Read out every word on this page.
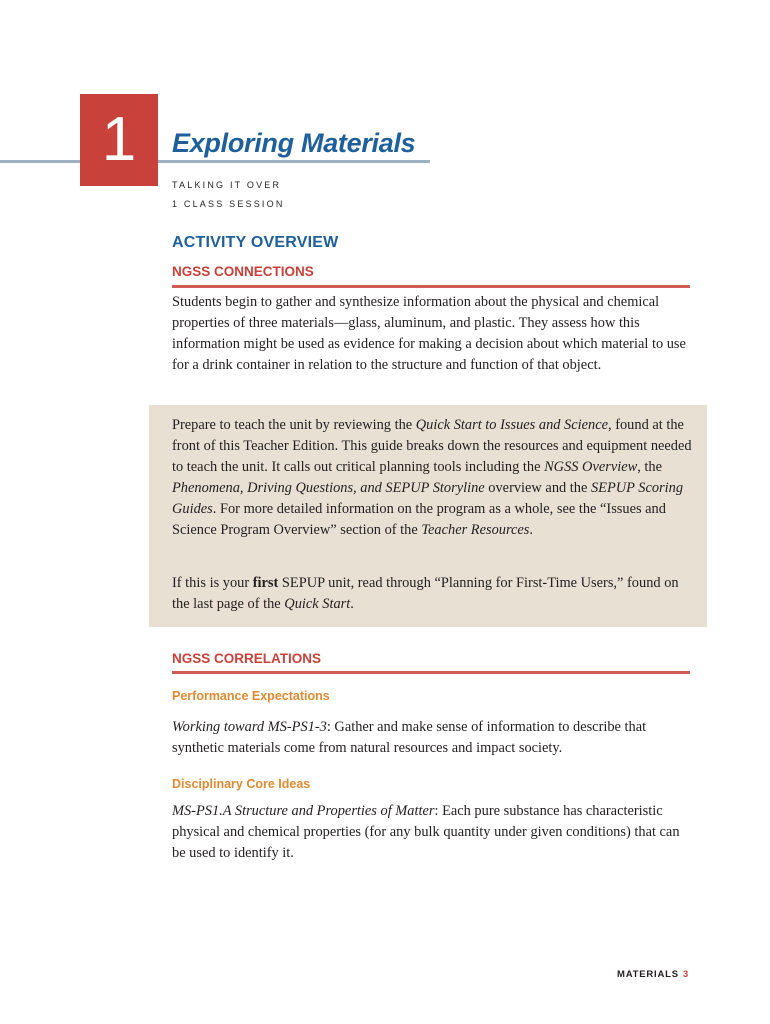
1	Exploring Materials
TALKING IT OVER
1 CLASS SESSION
ACTIVITY OVERVIEW
NGSS CONNECTIONS

Students begin to gather and synthesize information about the physical and chemical properties of three materials—glass, aluminum, and plastic. They assess how this information might be used as evidence for making a decision about which material to use for a drink container in relation to the structure and function of that object.

Prepare to teach the unit by reviewing the Quick Start to Issues and Science, found at the front of this Teacher Edition. This guide breaks down the resources and equipment needed to teach the unit. It calls out critical planning tools including the NGSS Overview, the Phenomena, Driving Questions, and SEPUP Storyline overview and the SEPUP Scoring Guides. For more detailed information on the program as a whole, see the “Issues and Science Program Overview” section of the Teacher Resources.

If this is your first SEPUP unit, read through “Planning for First-Time Users,” found on the last page of the Quick Start.

NGSS CORRELATIONS
Performance Expectations

Working toward MS-PS1-3: Gather and make sense of information to describe that synthetic materials come from natural resources and impact society.

Disciplinary Core Ideas

MS-PS1.A Structure and Properties of Matter: Each pure substance has characteristic physical and chemical properties (for any bulk quantity under given conditions) that can be used to identify it.

MATERIALS 3
